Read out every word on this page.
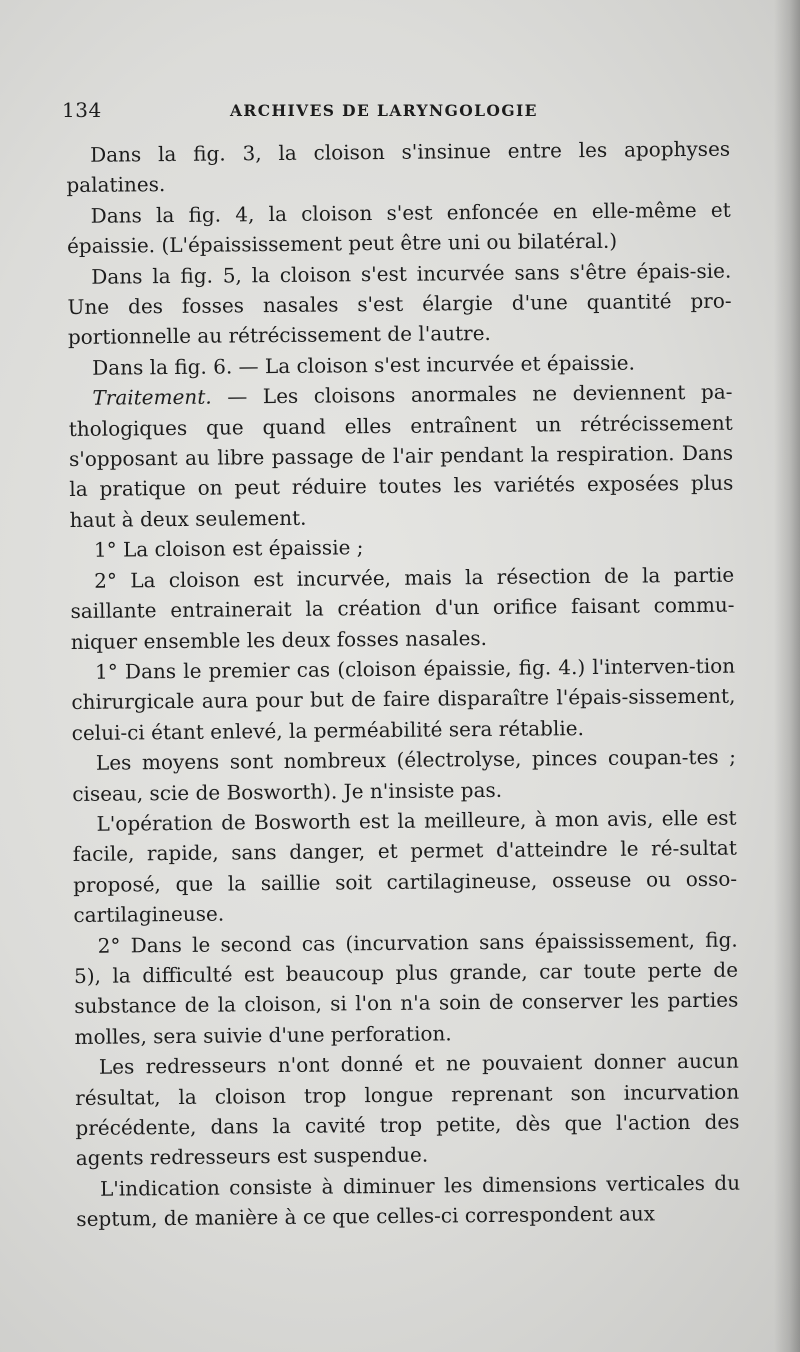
134	ARCHIVES DE LARYNGOLOGIE

Dans la fig. 3, la cloison s'insinue entre les apophyses palatines.

Dans la fig. 4, la cloison s'est enfoncée en elle-même et épaissie. (L'épaississement peut être uni ou bilatéral.)

Dans la fig. 5, la cloison s'est incurvée sans s'être épais-sie. Une des fosses nasales s'est élargie d'une quantité pro-portionnelle au rétrécissement de l'autre.

Dans la fig. 6. — La cloison s'est incurvée et épaissie.

Traitement. — Les cloisons anormales ne deviennent pa-thologiques que quand elles entraînent un rétrécissement s'opposant au libre passage de l'air pendant la respiration. Dans la pratique on peut réduire toutes les variétés exposées plus haut à deux seulement.

1° La cloison est épaissie ;

2° La cloison est incurvée, mais la résection de la partie saillante entrainerait la création d'un orifice faisant commu-niquer ensemble les deux fosses nasales.

1° Dans le premier cas (cloison épaissie, fig. 4.) l'interven-tion chirurgicale aura pour but de faire disparaître l'épais-sissement, celui-ci étant enlevé, la perméabilité sera rétablie.

Les moyens sont nombreux (électrolyse, pinces coupan-tes ; ciseau, scie de Bosworth). Je n'insiste pas.

L'opération de Bosworth est la meilleure, à mon avis, elle est facile, rapide, sans danger, et permet d'atteindre le ré-sultat proposé, que la saillie soit cartilagineuse, osseuse ou osso-cartilagineuse.

2° Dans le second cas (incurvation sans épaississement, fig. 5), la difficulté est beaucoup plus grande, car toute perte de substance de la cloison, si l'on n'a soin de conserver les parties molles, sera suivie d'une perforation.

Les redresseurs n'ont donné et ne pouvaient donner aucun résultat, la cloison trop longue reprenant son incurvation précédente, dans la cavité trop petite, dès que l'action des agents redresseurs est suspendue.

L'indication consiste à diminuer les dimensions verticales du septum, de manière à ce que celles-ci correspondent aux
